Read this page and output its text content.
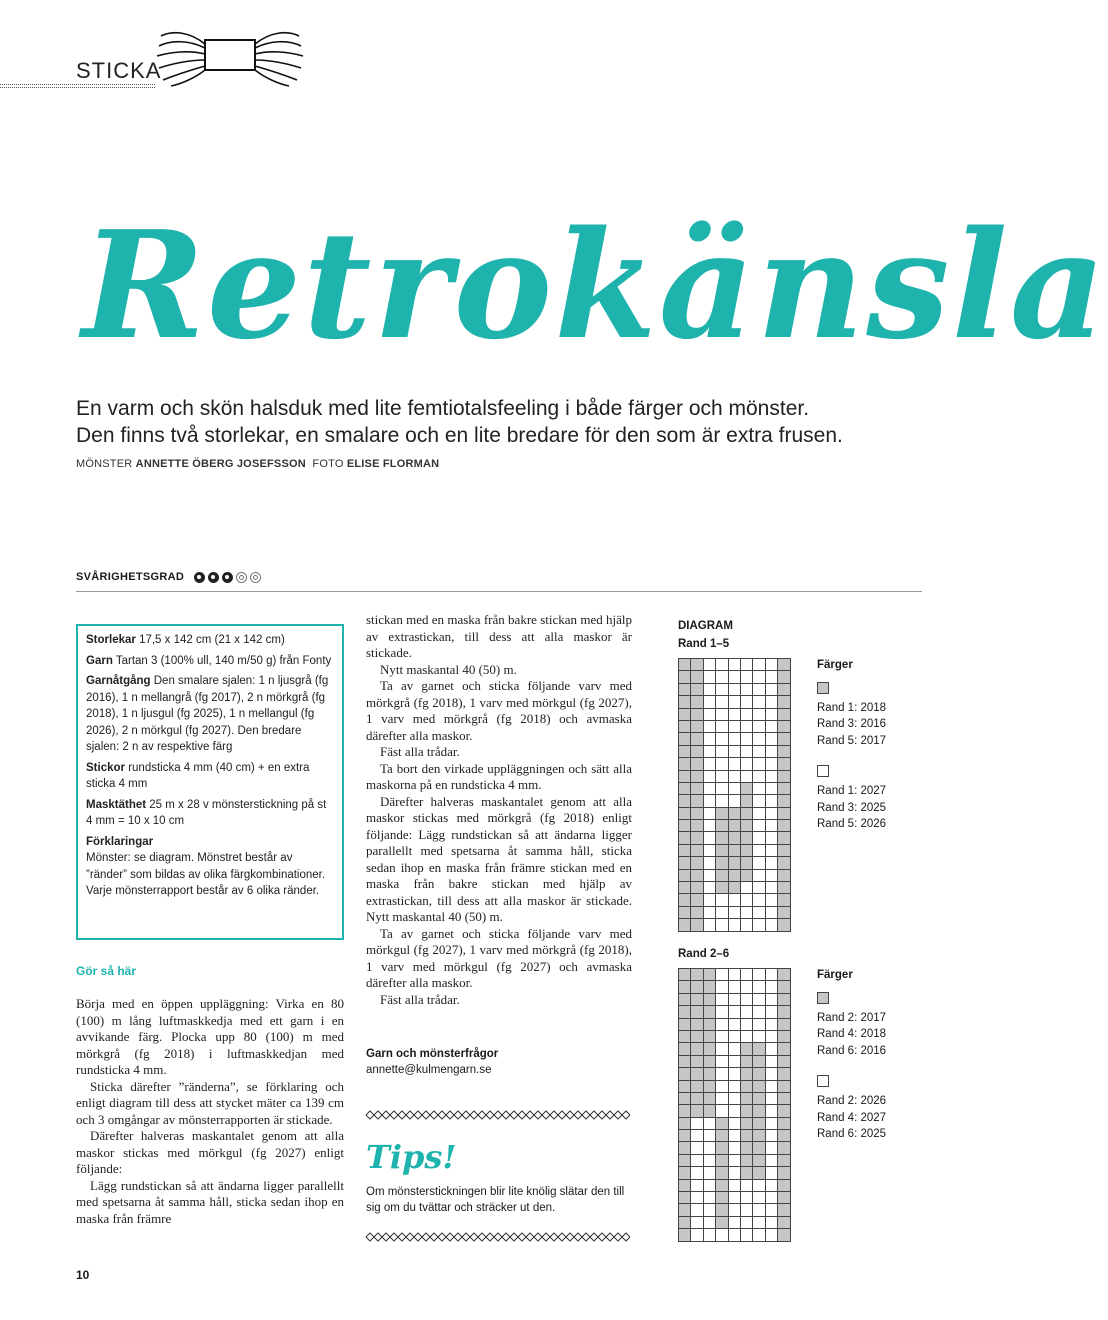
STICKA
Retrokänsla
En varm och skön halsduk med lite femtiotalsfeeling i både färger och mönster.
Den finns två storlekar, en smalare och en lite bredare för den som är extra frusen.
MÖNSTER ANNETTE ÖBERG JOSEFSSON FOTO ELISE FLORMAN
SVÅRIGHETSGRAD

Storlekar 17,5 x 142 cm (21 x 142 cm)

Garn Tartan 3 (100% ull, 140 m/50 g) från Fonty

Garnåtgång Den smalare sjalen: 1 n ljusgrå (fg 2016), 1 n mellangrå (fg 2017), 2 n mörkgrå (fg 2018), 1 n ljusgul (fg 2025), 1 n mellangul (fg 2026), 2 n mörkgul (fg 2027). Den bredare sjalen: 2 n av respektive färg

Stickor rundsticka 4 mm (40 cm) + en extra sticka 4 mm

Masktäthet 25 m x 28 v mönsterstickning på st 4 mm = 10 x 10 cm

Förklaringar
Mönster: se diagram. Mönstret består av ”ränder” som bildas av olika färgkombinationer. Varje mönsterrapport består av 6 olika ränder.

Gör så här

Börja med en öppen uppläggning: Virka en 80 (100) m lång luftmaskkedja med ett garn i en avvikande färg. Plocka upp 80 (100) m med mörkgrå (fg 2018) i luftmaskkedjan med rundsticka 4 mm.

Sticka därefter ”ränderna”, se förklaring och enligt diagram till dess att stycket mäter ca 139 cm och 3 omgångar av mönsterrapporten är stickade.

Därefter halveras maskantalet genom att alla maskor stickas med mörkgul (fg 2027) enligt följande:

Lägg rundstickan så att ändarna ligger parallellt med spetsarna åt samma håll, sticka sedan ihop en maska från främre

stickan med en maska från bakre stickan med hjälp av extrastickan, till dess att alla maskor är stickade.

Nytt maskantal 40 (50) m.

Ta av garnet och sticka följande varv med mörkgrå (fg 2018), 1 varv med mörkgul (fg 2027), 1 varv med mörkgrå (fg 2018) och avmaska därefter alla maskor.

Fäst alla trådar.

Ta bort den virkade uppläggningen och sätt alla maskorna på en rundsticka 4 mm.

Därefter halveras maskantalet genom att alla maskor stickas med mörkgrå (fg 2018) enligt följande: Lägg rundstickan så att ändarna ligger parallellt med spetsarna åt samma håll, sticka sedan ihop en maska från främre stickan med en maska från bakre stickan med hjälp av extrastickan, till dess att alla maskor är stickade. Nytt maskantal 40 (50) m.

Ta av garnet och sticka följande varv med mörkgul (fg 2027), 1 varv med mörkgrå (fg 2018), 1 varv med mörkgul (fg 2027) och avmaska därefter alla maskor.

Fäst alla trådar.

Garn och mönsterfrågor
annette@kulmengarn.se
Tips!
Om mönsterstickningen blir lite knölig slätar den till sig om du tvättar och sträcker ut den.
DIAGRAM
Rand 1–5
Färger
Rand 1: 2018
Rand 3: 2016
Rand 5: 2017
Rand 1: 2027
Rand 3: 2025
Rand 5: 2026
Rand 2–6
Färger
Rand 2: 2017
Rand 4: 2018
Rand 6: 2016
Rand 2: 2026
Rand 4: 2027
Rand 6: 2025
10
